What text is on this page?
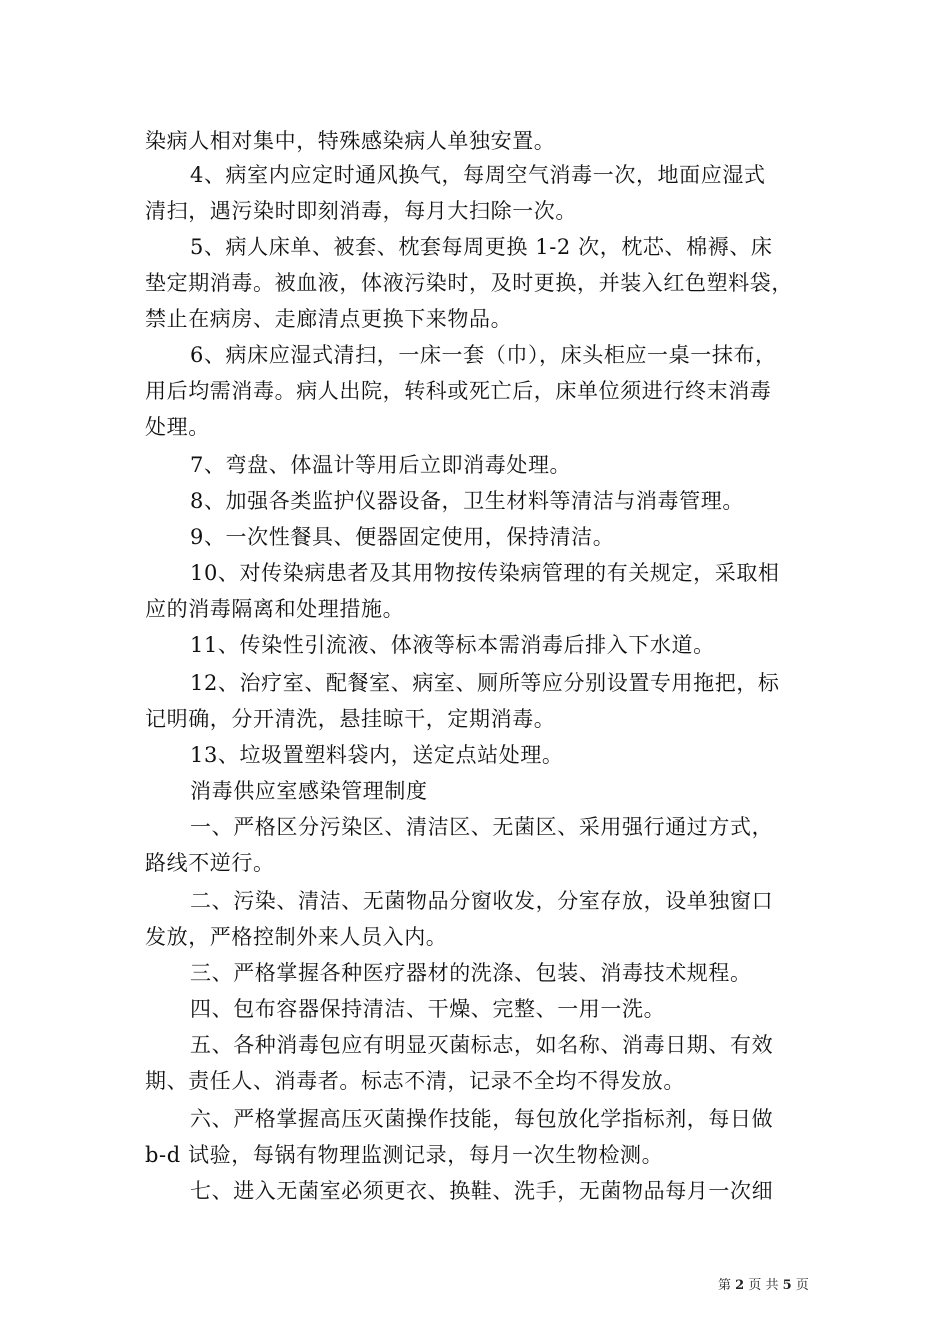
染病人相对集中，特殊感染病人单独安置。
4、病室内应定时通风换气，每周空气消毒一次，地面应湿式
清扫，遇污染时即刻消毒，每月大扫除一次。
5、病人床单、被套、枕套每周更换 1-2 次，枕芯、棉褥、床
垫定期消毒。被血液，体液污染时，及时更换，并装入红色塑料袋，
禁止在病房、走廊清点更换下来物品。
6、病床应湿式清扫，一床一套（巾），床头柜应一桌一抹布，
用后均需消毒。病人出院，转科或死亡后，床单位须进行终末消毒
处理。
7、弯盘、体温计等用后立即消毒处理。
8、加强各类监护仪器设备，卫生材料等清洁与消毒管理。
9、一次性餐具、便器固定使用，保持清洁。
10、对传染病患者及其用物按传染病管理的有关规定，采取相
应的消毒隔离和处理措施。
11、传染性引流液、体液等标本需消毒后排入下水道。
12、治疗室、配餐室、病室、厕所等应分别设置专用拖把，标
记明确，分开清洗，悬挂晾干，定期消毒。
13、垃圾置塑料袋内，送定点站处理。
消毒供应室感染管理制度
一、严格区分污染区、清洁区、无菌区、采用强行通过方式，
路线不逆行。
二、污染、清洁、无菌物品分窗收发，分室存放，设单独窗口
发放，严格控制外来人员入内。
三、严格掌握各种医疗器材的洗涤、包装、消毒技术规程。
四、包布容器保持清洁、干燥、完整、一用一洗。
五、各种消毒包应有明显灭菌标志，如名称、消毒日期、有效
期、责任人、消毒者。标志不清，记录不全均不得发放。
六、严格掌握高压灭菌操作技能，每包放化学指标剂，每日做
b-d 试验，每锅有物理监测记录，每月一次生物检测。
七、进入无菌室必须更衣、换鞋、洗手，无菌物品每月一次细
第 2 页 共 5 页
